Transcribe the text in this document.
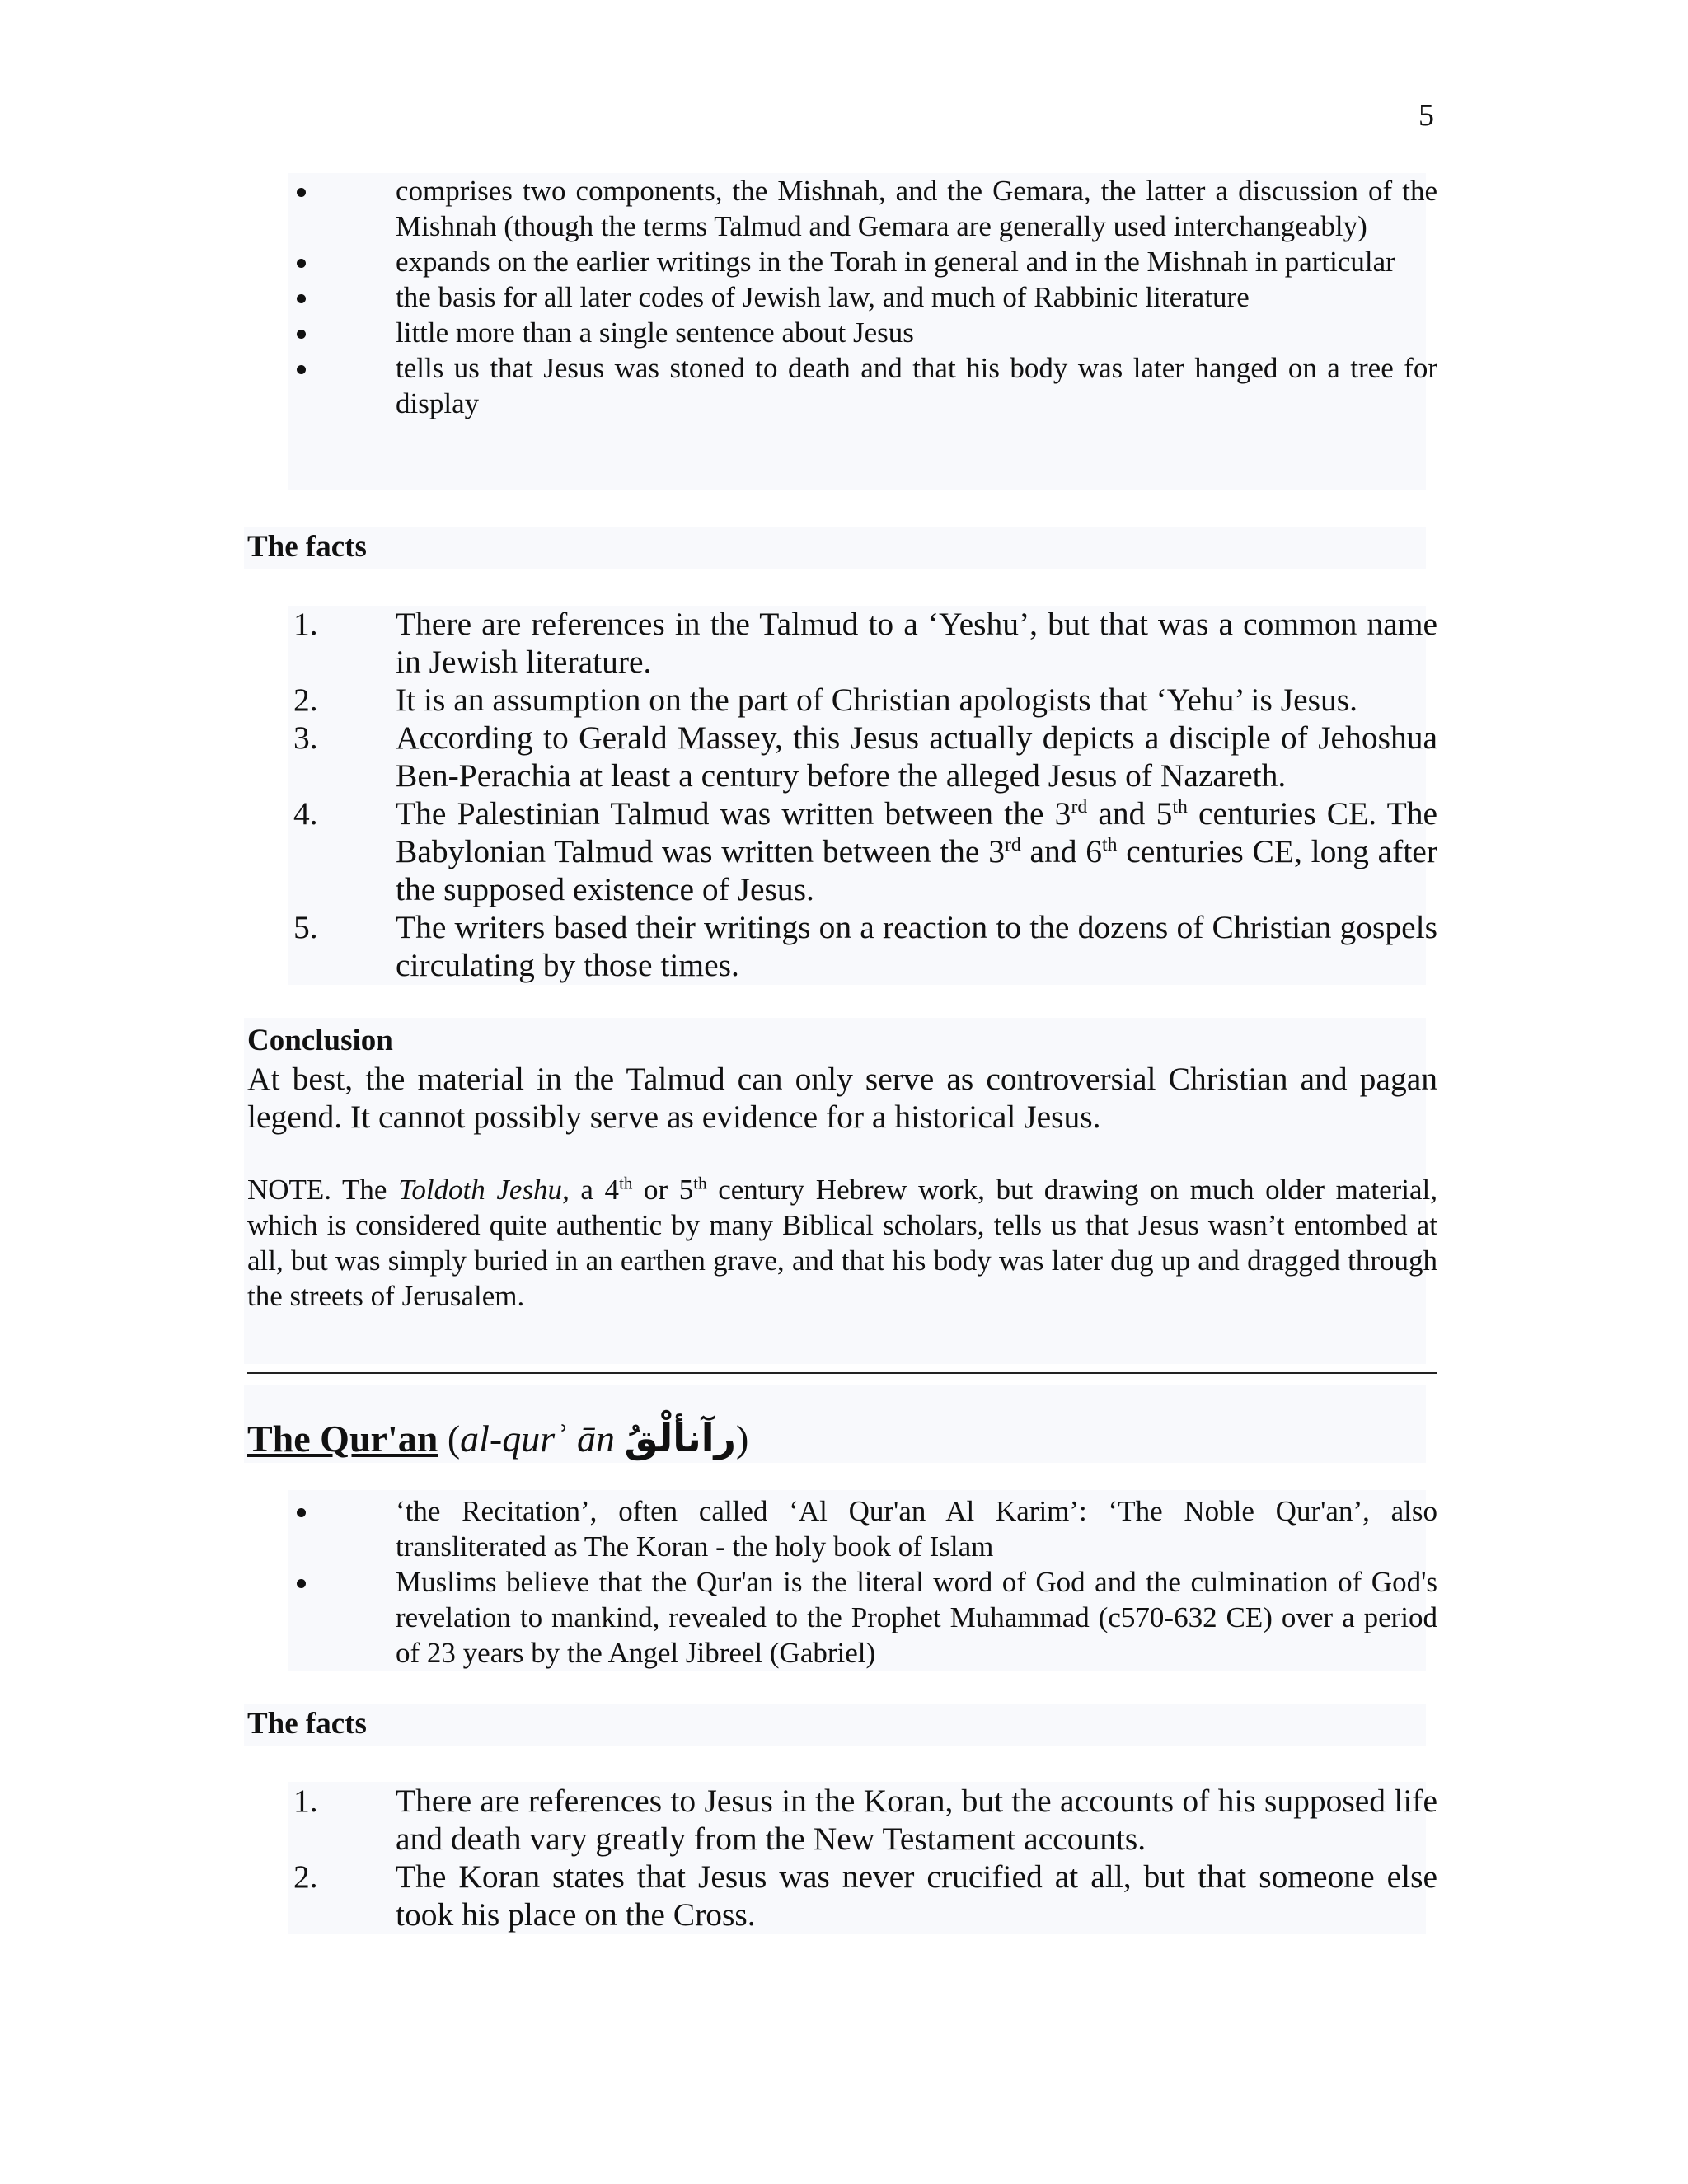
5
comprises two components, the Mishnah, and the Gemara, the latter a discussion of the Mishnah (though the terms Talmud and Gemara are generally used interchangeably)
expands on the earlier writings in the Torah in general and in the Mishnah in particular
the basis for all later codes of Jewish law, and much of Rabbinic literature
little more than a single sentence about Jesus
tells us that Jesus was stoned to death and that his body was later hanged on a tree for display
The facts
1.	There are references in the Talmud to a ‘Yeshu’, but that was a common name in Jewish literature.
2.	It is an assumption on the part of Christian apologists that ‘Yehu’ is Jesus.
3.	According to Gerald Massey, this Jesus actually depicts a disciple of Jehoshua Ben-Perachia at least a century before the alleged Jesus of Nazareth.
4.	The Palestinian Talmud was written between the 3rd and 5th centuries CE. The Babylonian Talmud was written between the 3rd and 6th centuries CE, long after the supposed existence of Jesus.
5.	The writers based their writings on a reaction to the dozens of Christian gospels circulating by those times.
Conclusion
At best, the material in the Talmud can only serve as controversial Christian and pagan legend. It cannot possibly serve as evidence for a historical Jesus.
NOTE. The Toldoth Jeshu, a 4th or 5th century Hebrew work, but drawing on much older material, which is considered quite authentic by many Biblical scholars, tells us that Jesus wasn’t entombed at all, but was simply buried in an earthen grave, and that his body was later dug up and dragged through the streets of Jerusalem.
The Qur'an (al-qurʾ ān رآنألْقُ)
‘the Recitation’, often called ‘Al Qur'an Al Karim’: ‘The Noble Qur'an’, also transliterated as The Koran - the holy book of Islam
Muslims believe that the Qur'an is the literal word of God and the culmination of God's revelation to mankind, revealed to the Prophet Muhammad (c570-632 CE) over a period of 23 years by the Angel Jibreel (Gabriel)
The facts
1.	There are references to Jesus in the Koran, but the accounts of his supposed life and death vary greatly from the New Testament accounts.
2.	The Koran states that Jesus was never crucified at all, but that someone else took his place on the Cross.
